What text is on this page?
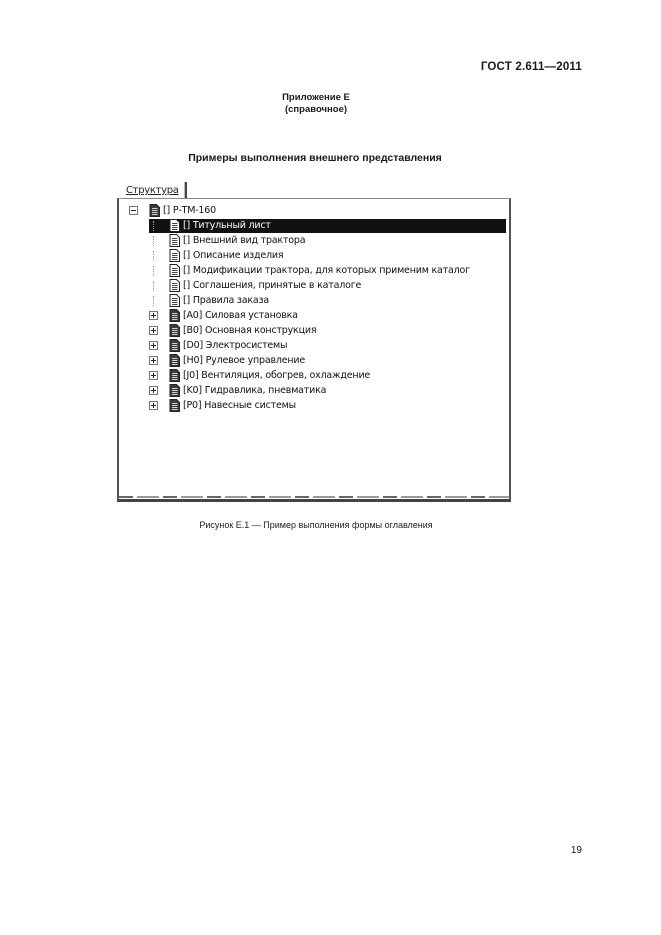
ГОСТ 2.611—2011
Приложение Е
(справочное)
Примеры выполнения внешнего представления
Структура
[] Р-ТМ-160
[] Титульный лист
[] Внешний вид трактора
[] Описание изделия
[] Модификации трактора, для которых применим каталог
[] Соглашения, принятые в каталоге
[] Правила заказа
[A0] Силовая установка
[B0] Основная конструкция
[D0] Электросистемы
[H0] Рулевое управление
[J0] Вентиляция, обогрев, охлаждение
[K0] Гидравлика, пневматика
[P0] Навесные системы
Рисунок Е.1 — Пример выполнения формы оглавления
19
